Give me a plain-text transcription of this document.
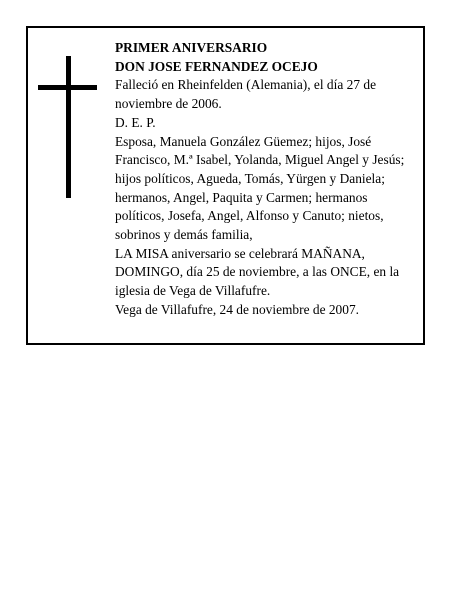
PRIMER ANIVERSARIO

DON JOSE FERNANDEZ OCEJO

Falleció en Rheinfelden (Alemania), el día 27 de noviembre de 2006.

D. E. P.

Esposa, Manuela González Güemez; hijos, José Francisco, M.ª Isabel, Yolanda, Miguel Angel y Jesús; hijos políticos, Agueda, Tomás, Yürgen y Daniela; hermanos, Angel, Paquita y Carmen; hermanos políticos, Josefa, Angel, Alfonso y Canuto; nietos, sobrinos y demás familia,

LA MISA aniversario se celebrará MAÑANA, DOMINGO, día 25 de noviembre, a las ONCE, en la iglesia de Vega de Villafufre.

Vega de Villafufre, 24 de noviembre de 2007.
